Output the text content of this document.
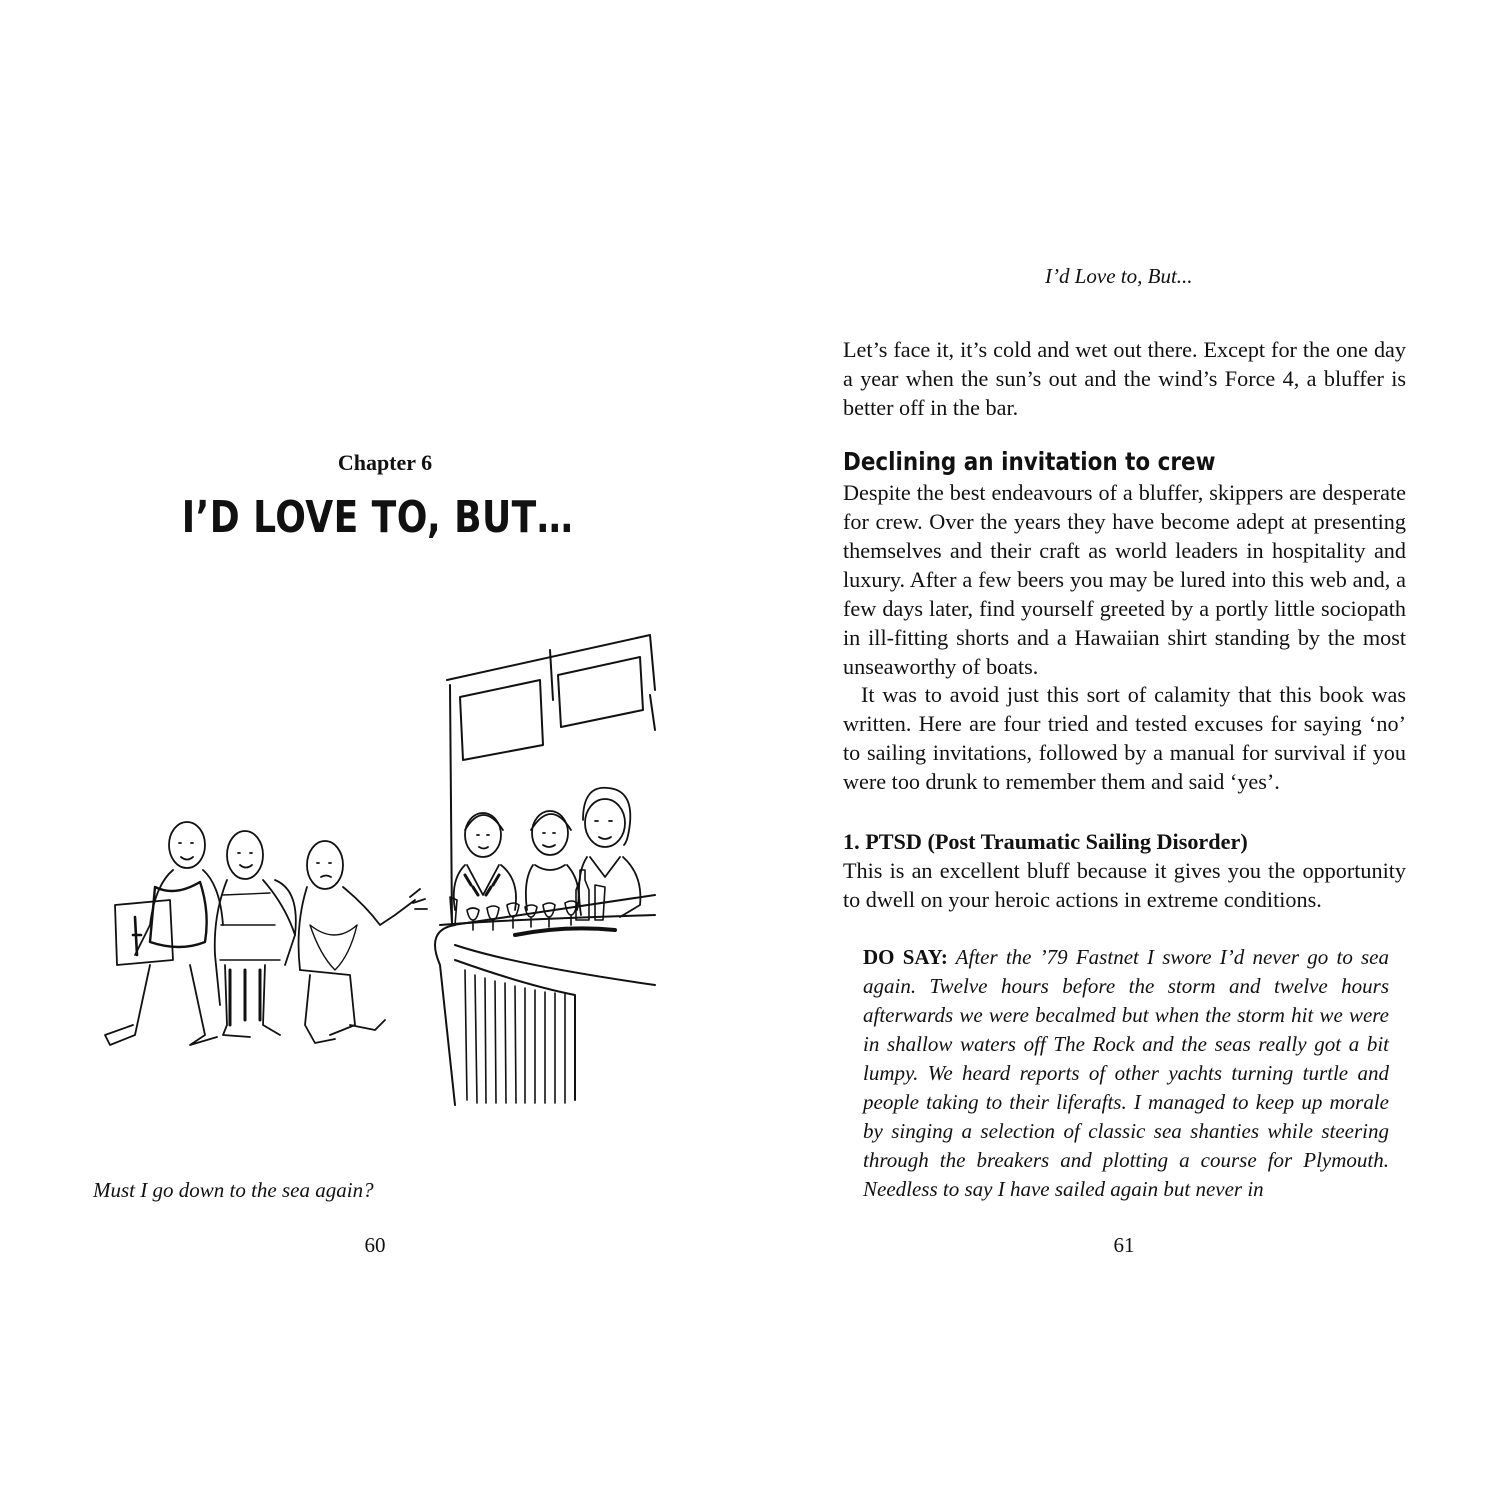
Chapter 6
I’D LOVE TO, BUT…
Must I go down to the sea again?
60
I’d Love to, But...

Let’s face it, it’s cold and wet out there. Except for the one day a year when the sun’s out and the wind’s Force 4, a bluffer is better off in the bar.

Declining an invitation to crew

Despite the best endeavours of a bluffer, skippers are desperate for crew. Over the years they have become adept at presenting themselves and their craft as world leaders in hospitality and luxury. After a few beers you may be lured into this web and, a few days later, find yourself greeted by a portly little sociopath in ill-fitting shorts and a Hawaiian shirt standing by the most unseaworthy of boats.

It was to avoid just this sort of calamity that this book was written. Here are four tried and tested excuses for saying ‘no’ to sailing invitations, followed by a manual for survival if you were too drunk to remember them and said ‘yes’.

1. PTSD (Post Traumatic Sailing Disorder)

This is an excellent bluff because it gives you the opportunity to dwell on your heroic actions in extreme conditions.

DO SAY: After the ’79 Fastnet I swore I’d never go to sea again. Twelve hours before the storm and twelve hours afterwards we were becalmed but when the storm hit we were in shallow waters off The Rock and the seas really got a bit lumpy. We heard reports of other yachts turning turtle and people taking to their liferafts. I managed to keep up morale by singing a selection of classic sea shanties while steering through the breakers and plotting a course for Plymouth. Needless to say I have sailed again but never in

61
